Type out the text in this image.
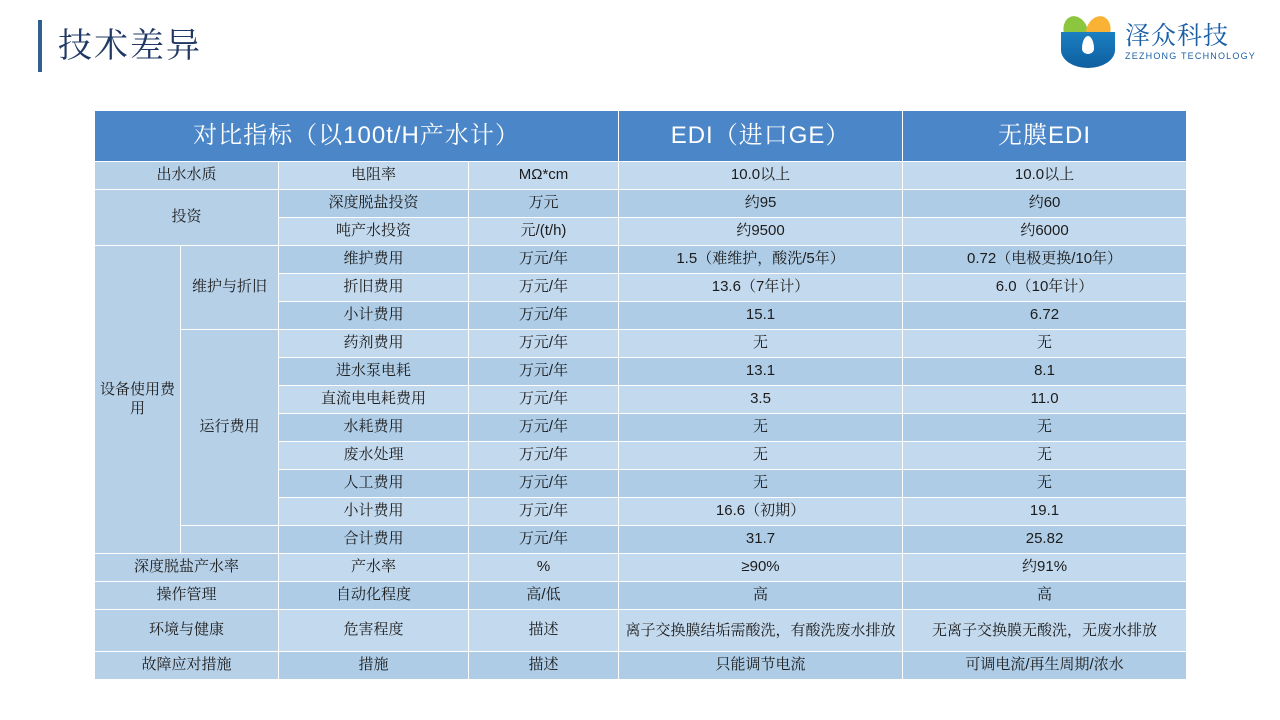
技术差异	泽众科技
ZEZHONG TECHNOLOGY
对比指标（以100t/H产水计）				EDI（进口GE）	无膜EDI
出水水质		电阻率	MΩ*cm	10.0以上	10.0以上
投资		深度脱盐投资	万元	约95	约60
		吨产水投资	元/(t/h)	约9500	约6000
设备使用费用	维护与折旧	维护费用	万元/年	1.5（难维护，酸洗/5年）	0.72（电极更换/10年）
		折旧费用	万元/年	13.6（7年计）	6.0（10年计）
		小计费用	万元/年	15.1	6.72
	运行费用	药剂费用	万元/年	无	无
		进水泵电耗	万元/年	13.1	8.1
		直流电电耗费用	万元/年	3.5	11.0
		水耗费用	万元/年	无	无
		废水处理	万元/年	无	无
		人工费用	万元/年	无	无
		小计费用	万元/年	16.6（初期）	19.1
		合计费用	万元/年	31.7	25.82
深度脱盐产水率		产水率	%	≥90%	约91%
操作管理		自动化程度	高/低	高	高
环境与健康		危害程度	描述	离子交换膜结垢需酸洗，有酸洗废水排放	无离子交换膜无酸洗，无废水排放
故障应对措施		措施	描述	只能调节电流	可调电流/再生周期/浓水
